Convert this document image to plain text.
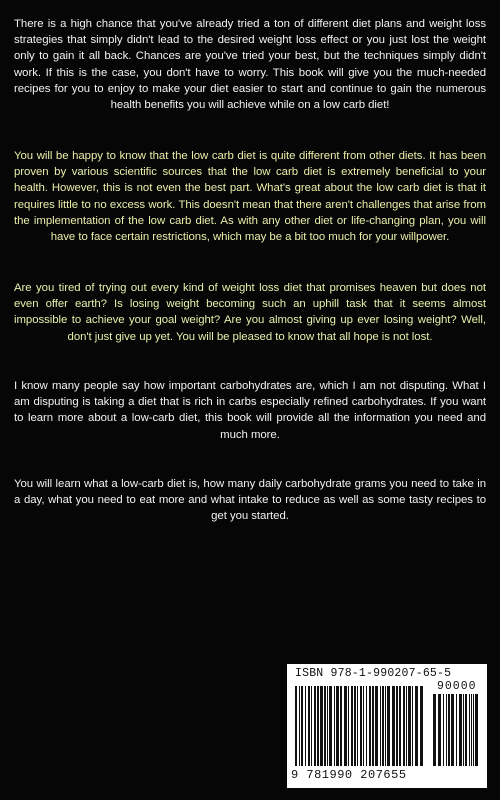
There is a high chance that you've already tried a ton of different diet plans and weight loss strategies that simply didn't lead to the desired weight loss effect or you just lost the weight only to gain it all back. Chances are you've tried your best, but the techniques simply didn't work. If this is the case, you don't have to worry. This book will give you the much-needed recipes for you to enjoy to make your diet easier to start and continue to gain the numerous health benefits you will achieve while on a low carb diet!

You will be happy to know that the low carb diet is quite different from other diets. It has been proven by various scientific sources that the low carb diet is extremely beneficial to your health. However, this is not even the best part. What's great about the low carb diet is that it requires little to no excess work. This doesn't mean that there aren't challenges that arise from the implementation of the low carb diet. As with any other diet or life-changing plan, you will have to face certain restrictions, which may be a bit too much for your willpower.

Are you tired of trying out every kind of weight loss diet that promises heaven but does not even offer earth? Is losing weight becoming such an uphill task that it seems almost impossible to achieve your goal weight? Are you almost giving up ever losing weight? Well, don't just give up yet. You will be pleased to know that all hope is not lost.

I know many people say how important carbohydrates are, which I am not disputing. What I am disputing is taking a diet that is rich in carbs especially refined carbohydrates. If you want to learn more about a low-carb diet, this book will provide all the information you need and much more.

You will learn what a low-carb diet is, how many daily carbohydrate grams you need to take in a day, what you need to eat more and what intake to reduce as well as some tasty recipes to get you started.

ISBN 978-1-990207-65-5
90000
9 781990 207655
